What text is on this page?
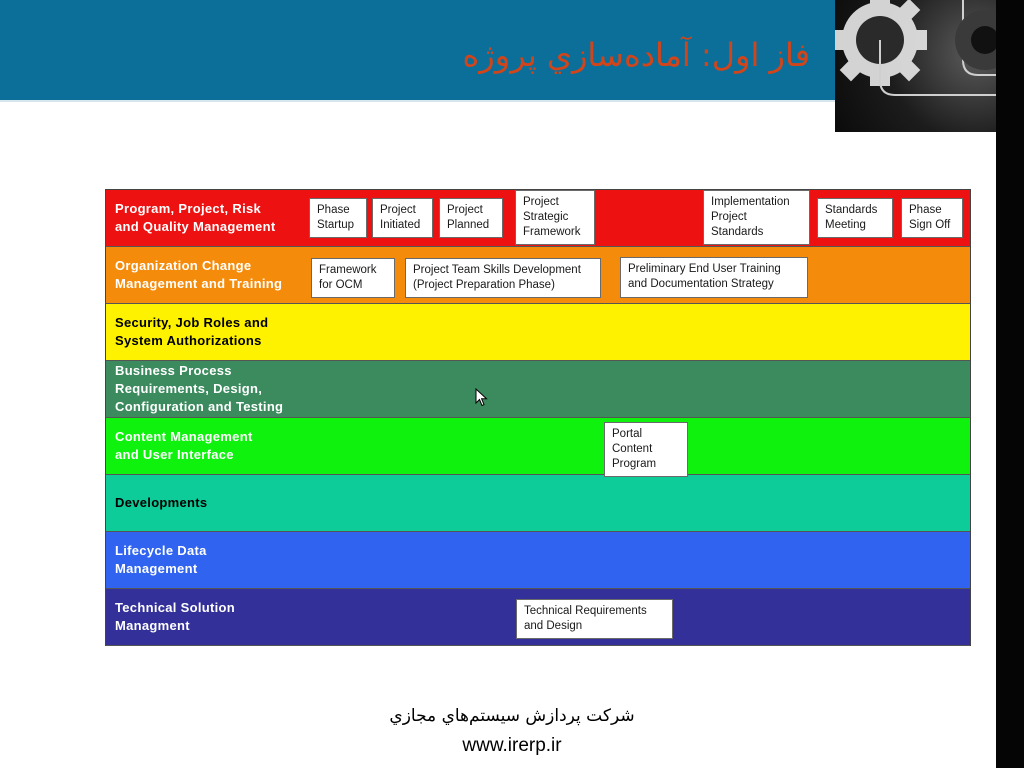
فاز اول: آماده‌سازي پروژه
Program, Project, Risk
and Quality Management
Organization Change
Management and Training
Security, Job Roles and
System Authorizations
Business Process
Requirements, Design,
Configuration and Testing
Content Management
and User Interface
Developments
Lifecycle Data
Management
Technical Solution
Managment
Phase
Startup
Project
Initiated
Project
Planned
Project
Strategic
Framework
Implementation
Project
Standards
Standards
Meeting
Phase
Sign Off
Framework
for OCM
Project Team Skills Development
(Project Preparation Phase)
Preliminary End User Training
and Documentation Strategy
Portal
Content
Program
Technical Requirements
and Design
شرکت پردازش سيستم‌هاي مجازي
www.irerp.ir
